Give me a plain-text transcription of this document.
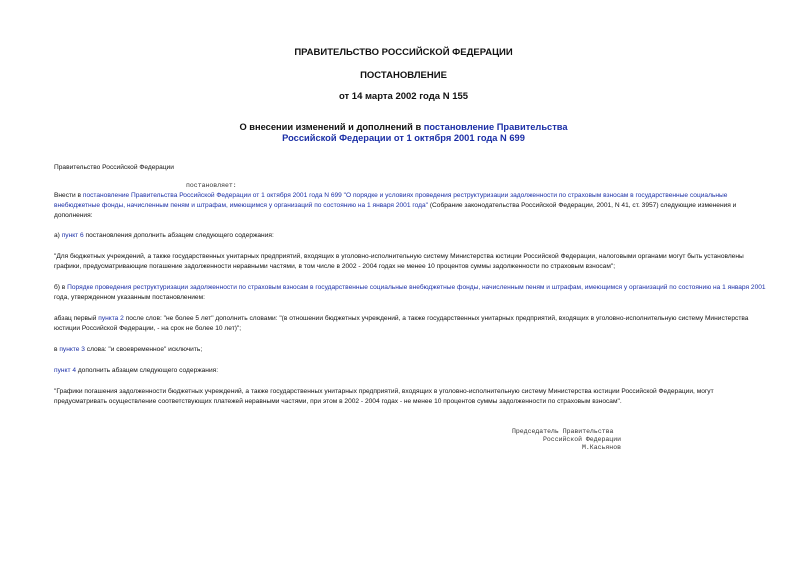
ПРАВИТЕЛЬСТВО РОССИЙСКОЙ ФЕДЕРАЦИИ
ПОСТАНОВЛЕНИЕ
от 14 марта 2002 года N 155
О внесении изменений и дополнений в постановление Правительства
Российской Федерации от 1 октября 2001 года N 699

Правительство Российской Федерации

постановляет:

Внести в постановление Правительства Российской Федерации от 1 октября 2001 года N 699 "О порядке и условиях проведения реструктуризации задолженности по страховым взносам в государственные социальные внебюджетные фонды, начисленным пеням и штрафам, имеющимся у организаций по состоянию на 1 января 2001 года" (Собрание законодательства Российской Федерации, 2001, N 41, ст. 3957) следующие изменения и дополнения:

а) пункт 6 постановления дополнить абзацем следующего содержания:

"Для бюджетных учреждений, а также государственных унитарных предприятий, входящих в уголовно-исполнительную систему Министерства юстиции Российской Федерации, налоговыми органами могут быть установлены графики, предусматривающие погашение задолженности неравными частями, в том числе в 2002 - 2004 годах не менее 10 процентов суммы задолженности по страховым взносам";

б) в Порядке проведения реструктуризации задолженности по страховым взносам в государственные социальные внебюджетные фонды, начисленным пеням и штрафам, имеющимся у организаций по состоянию на 1 января 2001 года, утвержденном указанным постановлением:

абзац первый пункта 2 после слов: "не более 5 лет" дополнить словами: "(в отношении бюджетных учреждений, а также государственных унитарных предприятий, входящих в уголовно-исполнительную систему Министерства юстиции Российской Федерации, - на срок не более 10 лет)";

в пункте 3 слова: "и своевременное" исключить;

пункт 4 дополнить абзацем следующего содержания:

"Графики погашения задолженности бюджетных учреждений, а также государственных унитарных предприятий, входящих в уголовно-исполнительную систему Министерства юстиции Российской Федерации, могут предусматривать осуществление соответствующих платежей неравными частями, при этом в 2002 - 2004 годах - не менее 10 процентов суммы задолженности по страховым взносам".

Председатель Правительства
Российской Федерации
М.Касьянов
